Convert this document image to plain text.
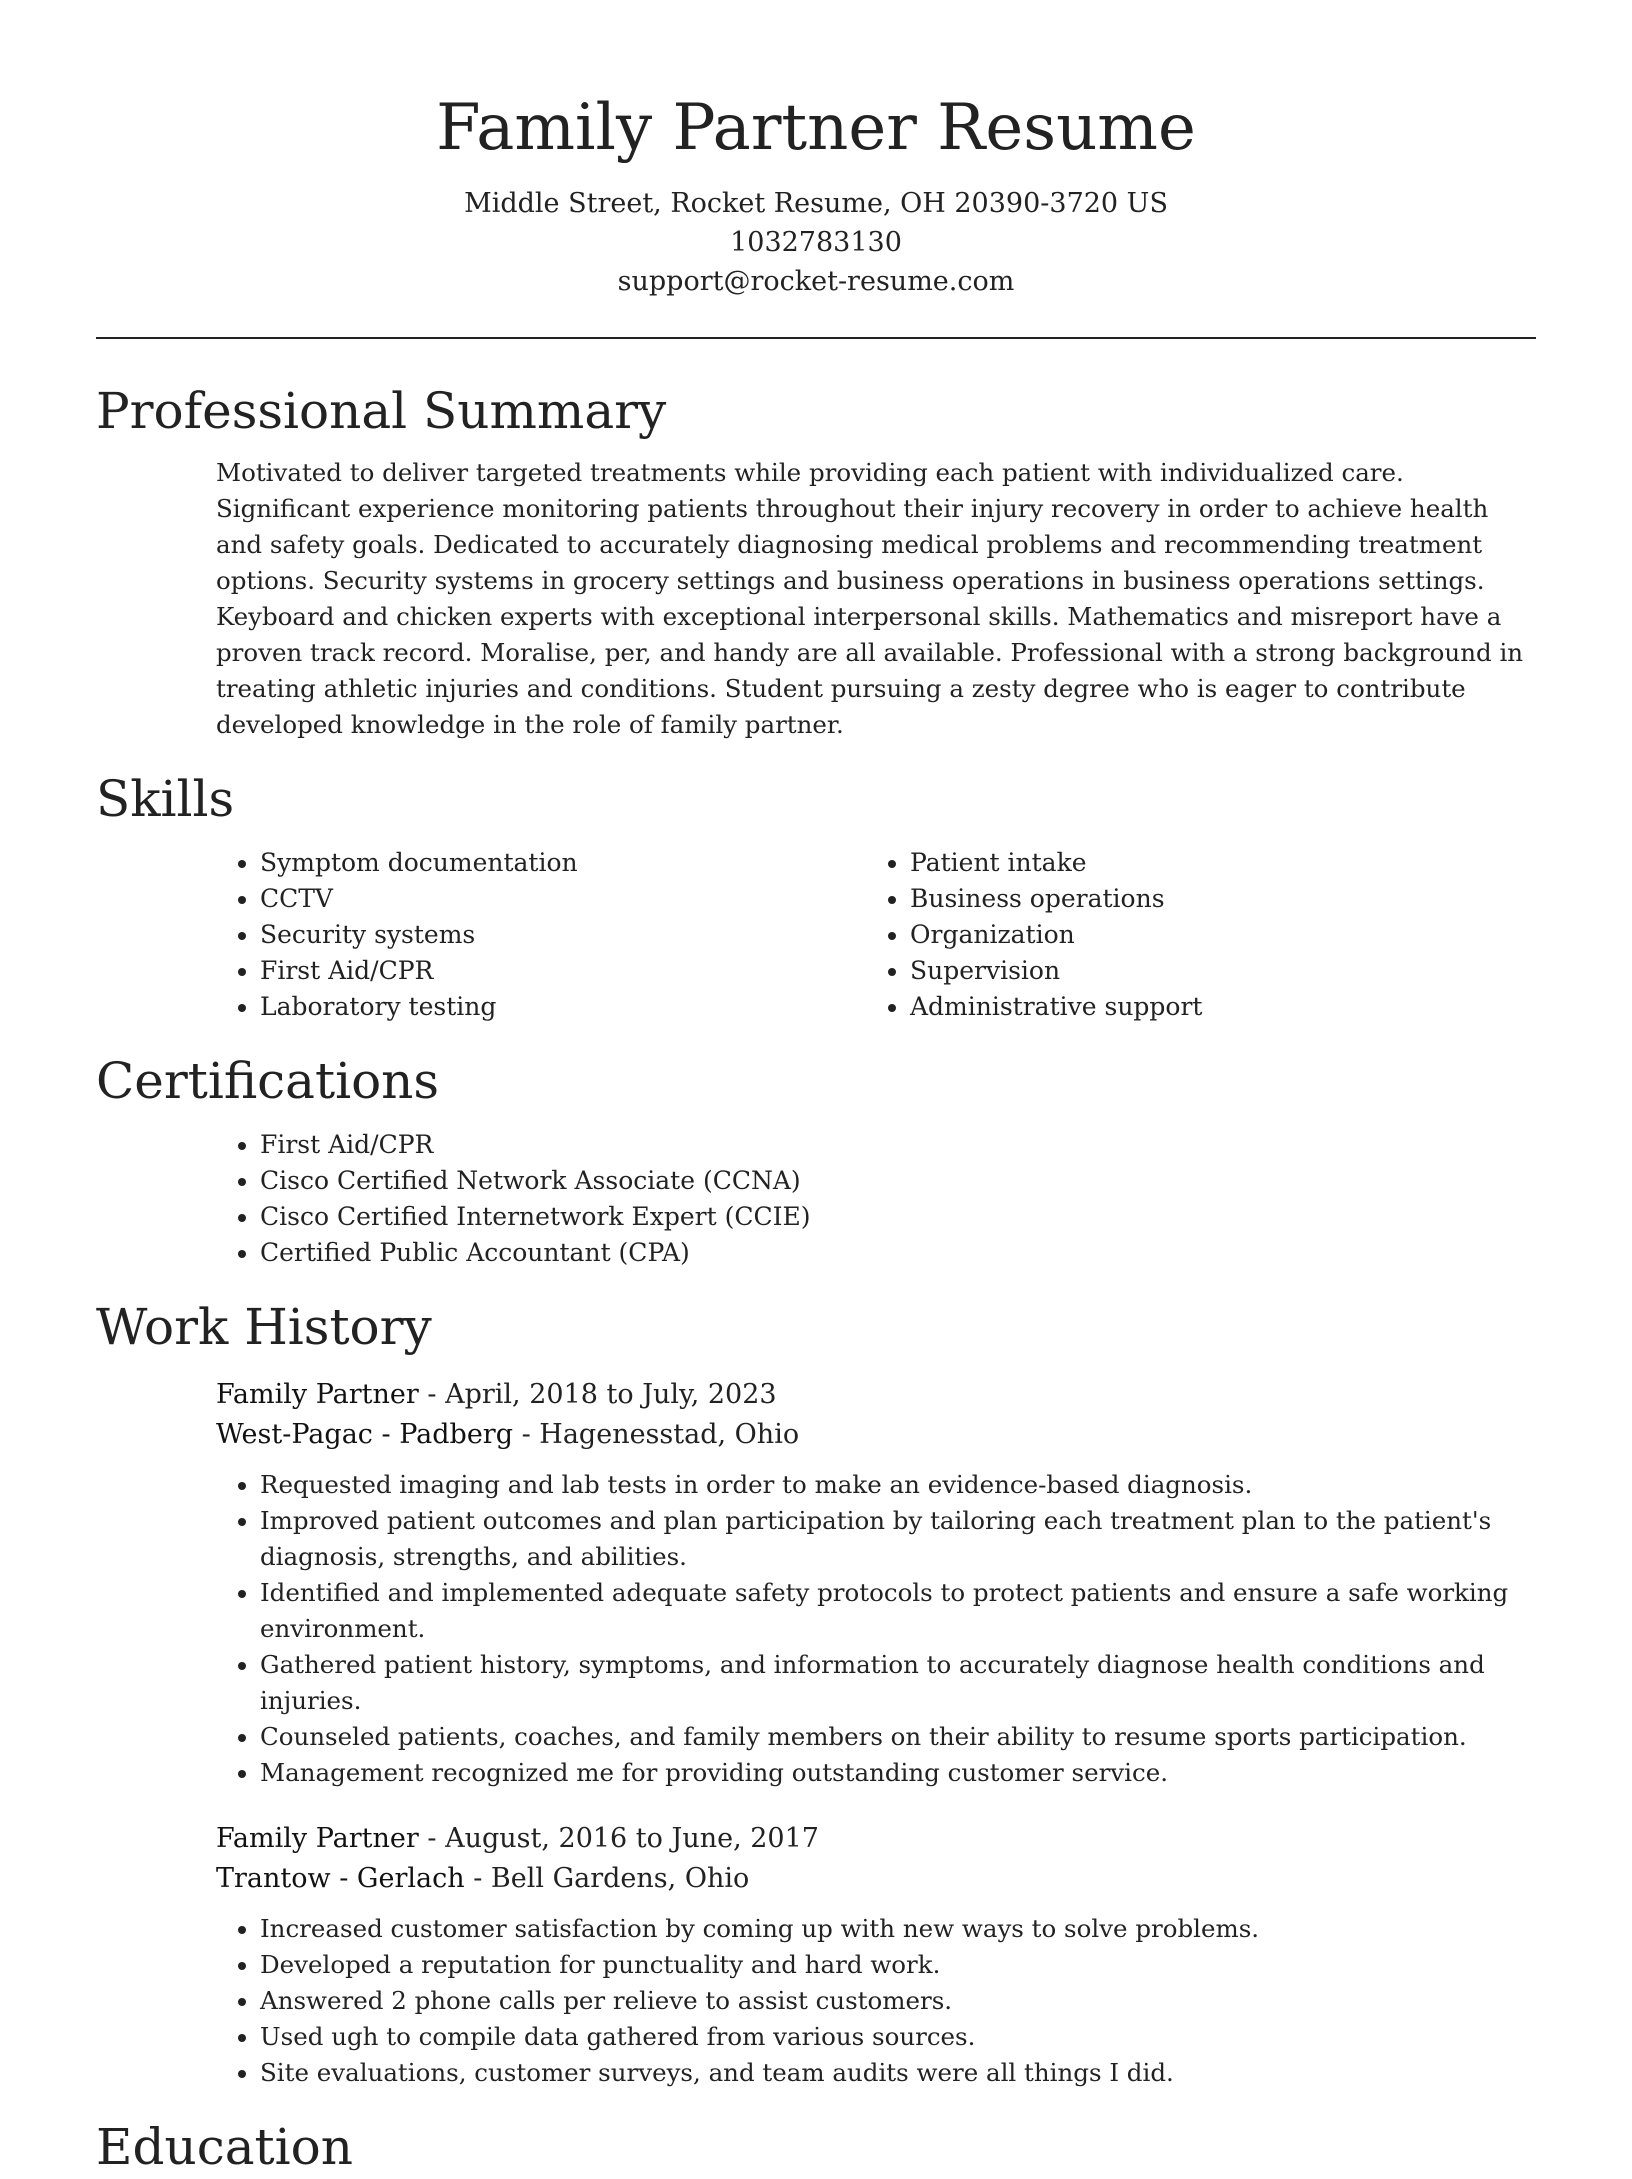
Family Partner Resume
Middle Street, Rocket Resume, OH 20390-3720 US
1032783130
support@rocket-resume.com
Professional Summary

Motivated to deliver targeted treatments while providing each patient with individualized care. Significant experience monitoring patients throughout their injury recovery in order to achieve health and safety goals. Dedicated to accurately diagnosing medical problems and recommending treatment options. Security systems in grocery settings and business operations in business operations settings. Keyboard and chicken experts with exceptional interpersonal skills. Mathematics and misreport have a proven track record. Moralise, per, and handy are all available. Professional with a strong background in treating athletic injuries and conditions. Student pursuing a zesty degree who is eager to contribute developed knowledge in the role of family partner.

Skills
• Symptom documentation
• CCTV
• Security systems
• First Aid/CPR
• Laboratory testing
• Patient intake
• Business operations
• Organization
• Supervision
• Administrative support
Certifications
• First Aid/CPR
• Cisco Certified Network Associate (CCNA)
• Cisco Certified Internetwork Expert (CCIE)
• Certified Public Accountant (CPA)
Work History
Family Partner - April, 2018 to July, 2023
West-Pagac - Padberg - Hagenesstad, Ohio
• Requested imaging and lab tests in order to make an evidence-based diagnosis.
• Improved patient outcomes and plan participation by tailoring each treatment plan to the patient's diagnosis, strengths, and abilities.
• Identified and implemented adequate safety protocols to protect patients and ensure a safe working environment.
• Gathered patient history, symptoms, and information to accurately diagnose health conditions and injuries.
• Counseled patients, coaches, and family members on their ability to resume sports participation.
• Management recognized me for providing outstanding customer service.
Family Partner - August, 2016 to June, 2017
Trantow - Gerlach - Bell Gardens, Ohio
• Increased customer satisfaction by coming up with new ways to solve problems.
• Developed a reputation for punctuality and hard work.
• Answered 2 phone calls per relieve to assist customers.
• Used ugh to compile data gathered from various sources.
• Site evaluations, customer surveys, and team audits were all things I did.
Education
